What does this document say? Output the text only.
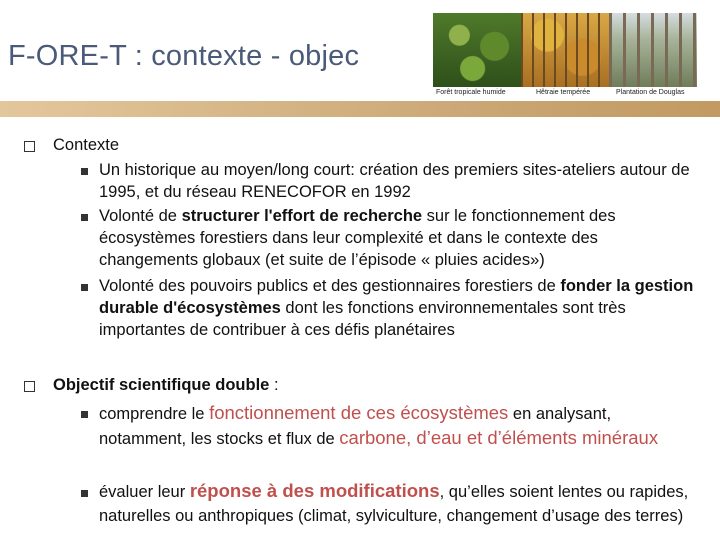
F-ORE-T : contexte - objec
Forêt tropicale humide	Hêtraie tempérée	Plantation de Douglas
Contexte
Un historique au moyen/long court: création des premiers sites-ateliers autour de 1995, et du réseau RENECOFOR en 1992
Volonté de structurer l'effort de recherche sur le fonctionnement des écosystèmes forestiers dans leur complexité et dans le contexte des changements globaux (et suite de l’épisode « pluies acides»)
Volonté des pouvoirs publics et des gestionnaires forestiers de fonder la gestion durable d'écosystèmes dont les fonctions environnementales sont très importantes de contribuer à ces défis planétaires
Objectif scientifique double :
comprendre le fonctionnement de ces écosystèmes en analysant, notamment, les stocks et flux de carbone, d’eau et d’éléments minéraux
évaluer leur réponse à des modifications, qu’elles soient lentes ou rapides, naturelles ou anthropiques (climat, sylviculture, changement d’usage des terres)
